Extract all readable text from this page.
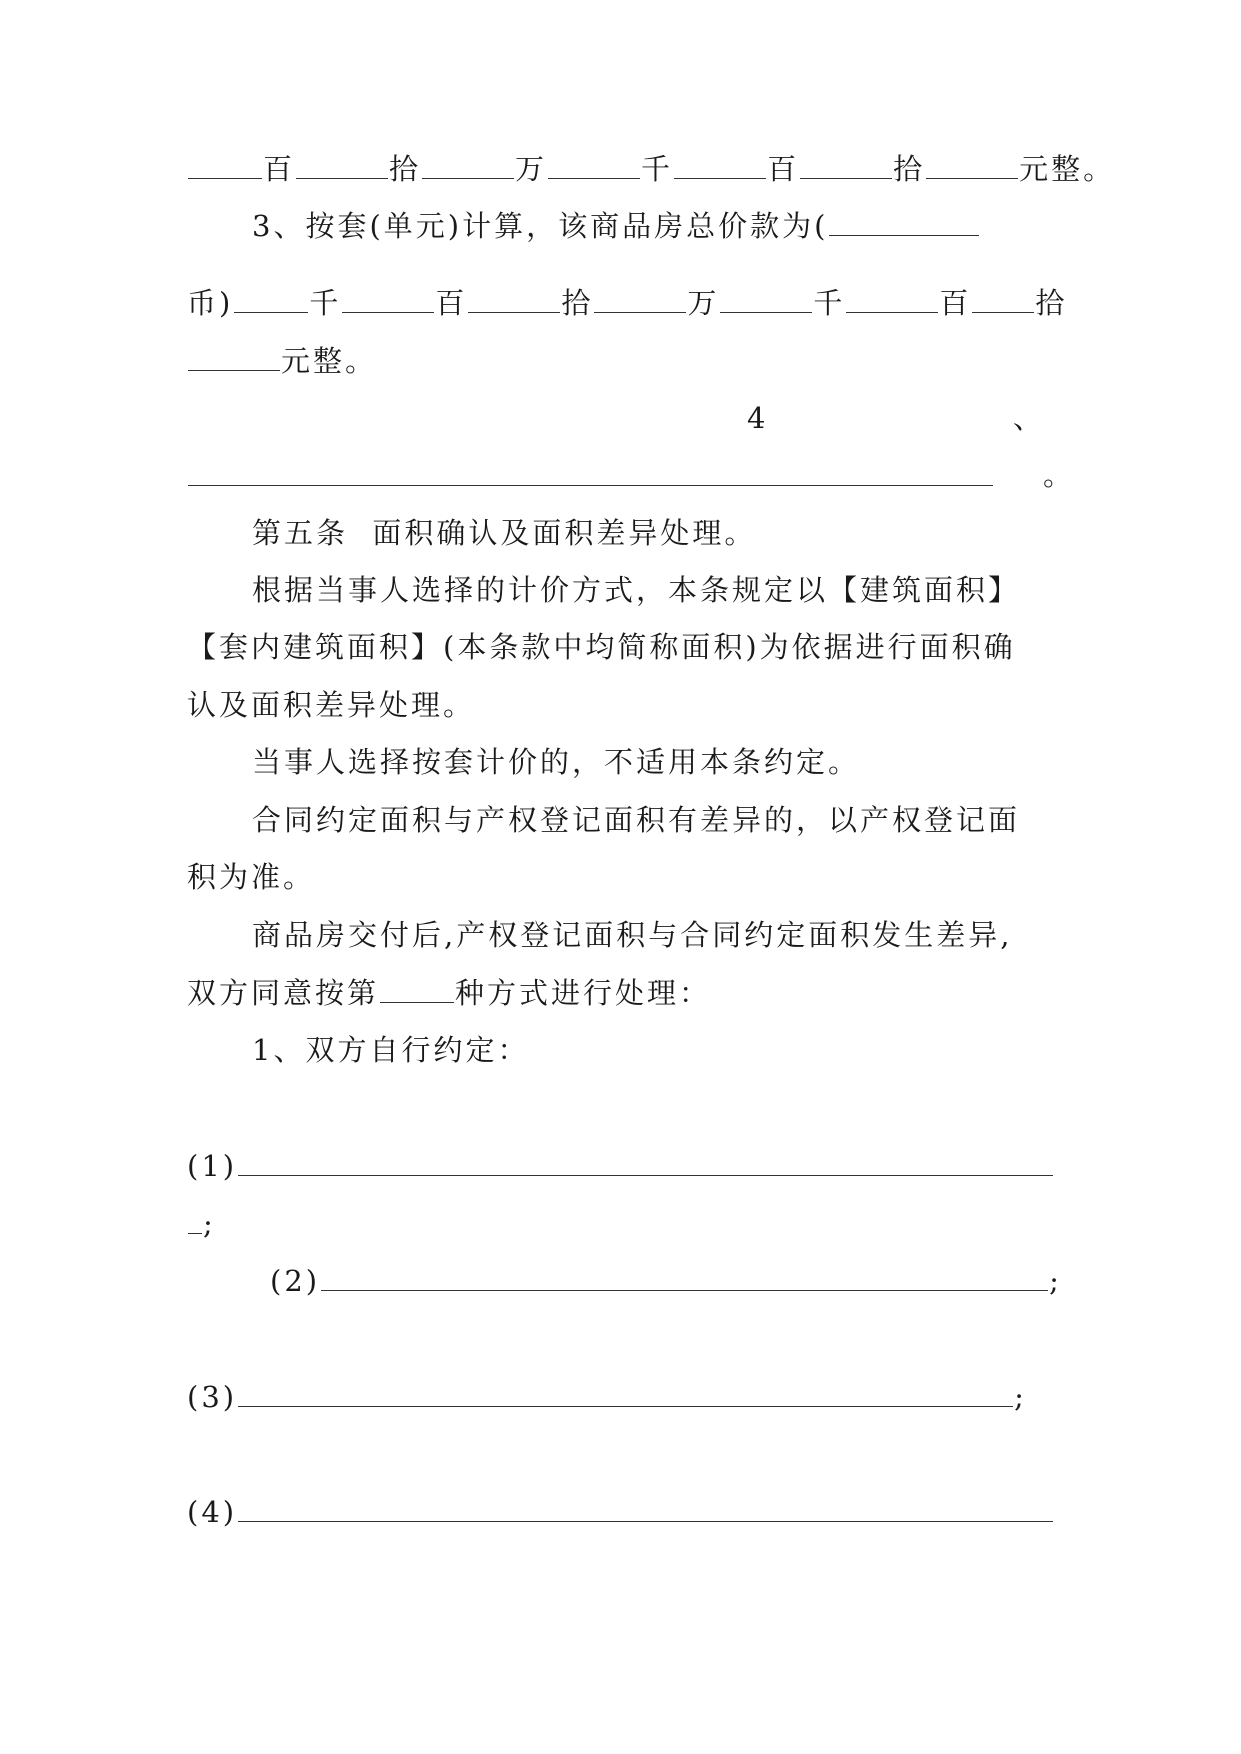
百	拾	万	千	百	拾	元整。
3、按套(单元)计算，该商品房总价款为(
币)	千	百	拾	万	千	百 拾
元整。
4	、
。
第五条  面积确认及面积差异处理。
根据当事人选择的计价方式，本条规定以【建筑面积】
【套内建筑面积】(本条款中均简称面积)为依据进行面积确
认及面积差异处理。
当事人选择按套计价的，不适用本条约定。
合同约定面积与产权登记面积有差异的，以产权登记面
积为准。
商品房交付后,产权登记面积与合同约定面积发生差异,
双方同意按第	种方式进行处理：
1、双方自行约定：
(1)
;
(2)	;
(3)	;
(4)
